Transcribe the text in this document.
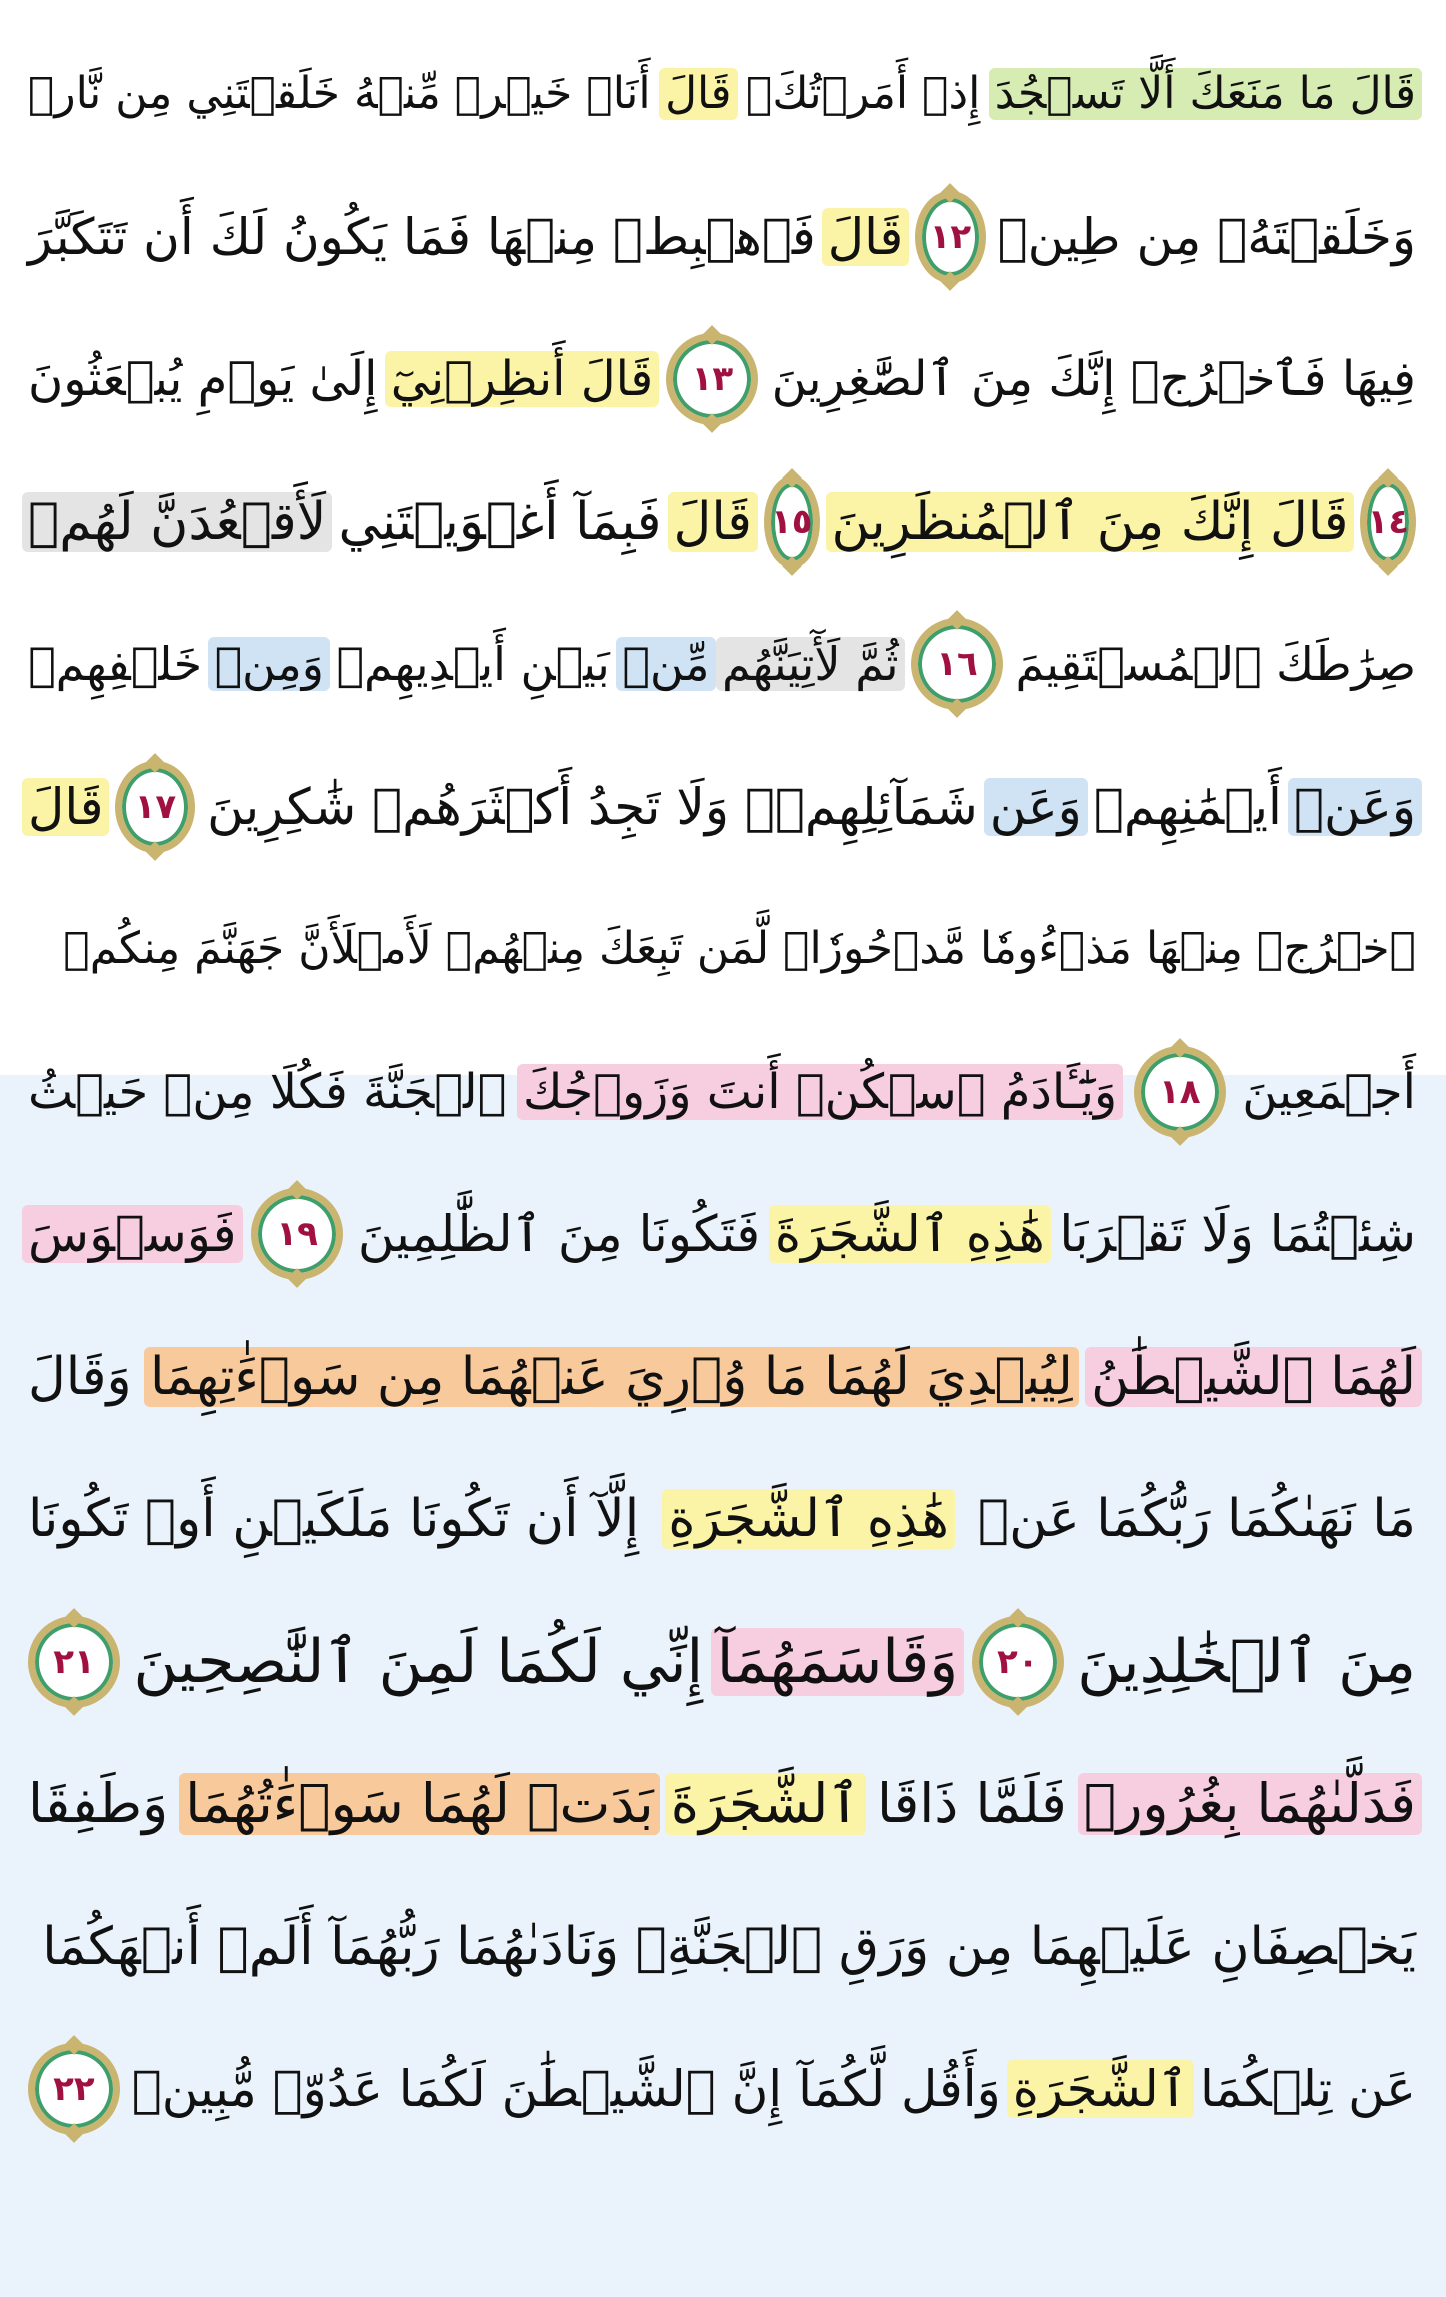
قَالَ مَا مَنَعَكَ أَلَّا تَسۡجُدَ
إِذۡ أَمَرۡتُكَۖ
قَالَ
أَنَا۠ خَيۡرٞ مِّنۡهُ خَلَقۡتَنِي مِن نَّارٖ
وَخَلَقۡتَهُۥ مِن طِينٖ
١٢
قَالَ
فَٱهۡبِطۡ مِنۡهَا فَمَا يَكُونُ لَكَ أَن تَتَكَبَّرَ
فِيهَا فَٱخۡرُجۡ إِنَّكَ مِنَ ٱلصَّٰغِرِينَ
١٣
قَالَ أَنظِرۡنِيٓ
إِلَىٰ يَوۡمِ يُبۡعَثُونَ
١٤
قَالَ إِنَّكَ مِنَ ٱلۡمُنظَرِينَ
١٥
قَالَ
فَبِمَآ أَغۡوَيۡتَنِي
لَأَقۡعُدَنَّ لَهُمۡ
صِرَٰطَكَ ٱلۡمُسۡتَقِيمَ
١٦
ثُمَّ لَأٓتِيَنَّهُم
مِّنۢ
بَيۡنِ أَيۡدِيهِمۡ
وَمِنۡ
خَلۡفِهِمۡ
وَعَنۡ
أَيۡمَٰنِهِمۡ
وَعَن
شَمَآئِلِهِمۡۖ وَلَا تَجِدُ أَكۡثَرَهُمۡ شَٰكِرِينَ
١٧
قَالَ
ٱخۡرُجۡ مِنۡهَا مَذۡءُومٗا مَّدۡحُورٗاۖ لَّمَن تَبِعَكَ مِنۡهُمۡ لَأَمۡلَأَنَّ جَهَنَّمَ مِنكُمۡ
أَجۡمَعِينَ
١٨
وَيَٰٓـَٔادَمُ ٱسۡكُنۡ أَنتَ وَزَوۡجُكَ
ٱلۡجَنَّةَ فَكُلَا مِنۡ حَيۡثُ
شِئۡتُمَا وَلَا تَقۡرَبَا
هَٰذِهِ ٱلشَّجَرَةَ
فَتَكُونَا مِنَ ٱلظَّٰلِمِينَ
١٩
فَوَسۡوَسَ
لَهُمَا ٱلشَّيۡطَٰنُ
لِيُبۡدِيَ لَهُمَا مَا وُۥرِيَ عَنۡهُمَا مِن سَوۡءَٰتِهِمَا
وَقَالَ
مَا نَهَىٰكُمَا رَبُّكُمَا عَنۡ
هَٰذِهِ ٱلشَّجَرَةِ
إِلَّآ أَن تَكُونَا مَلَكَيۡنِ أَوۡ تَكُونَا
مِنَ ٱلۡخَٰلِدِينَ
٢٠
وَقَاسَمَهُمَآ
إِنِّي لَكُمَا لَمِنَ ٱلنَّٰصِحِينَ
٢١
فَدَلَّىٰهُمَا بِغُرُورٖ
فَلَمَّا ذَاقَا
ٱلشَّجَرَةَ
بَدَتۡ لَهُمَا سَوۡءَٰتُهُمَا
وَطَفِقَا
يَخۡصِفَانِ عَلَيۡهِمَا مِن وَرَقِ ٱلۡجَنَّةِۖ وَنَادَىٰهُمَا رَبُّهُمَآ أَلَمۡ أَنۡهَكُمَا
عَن تِلۡكُمَا
ٱلشَّجَرَةِ
وَأَقُل لَّكُمَآ إِنَّ ٱلشَّيۡطَٰنَ لَكُمَا عَدُوّٞ مُّبِينٞ
٢٢
